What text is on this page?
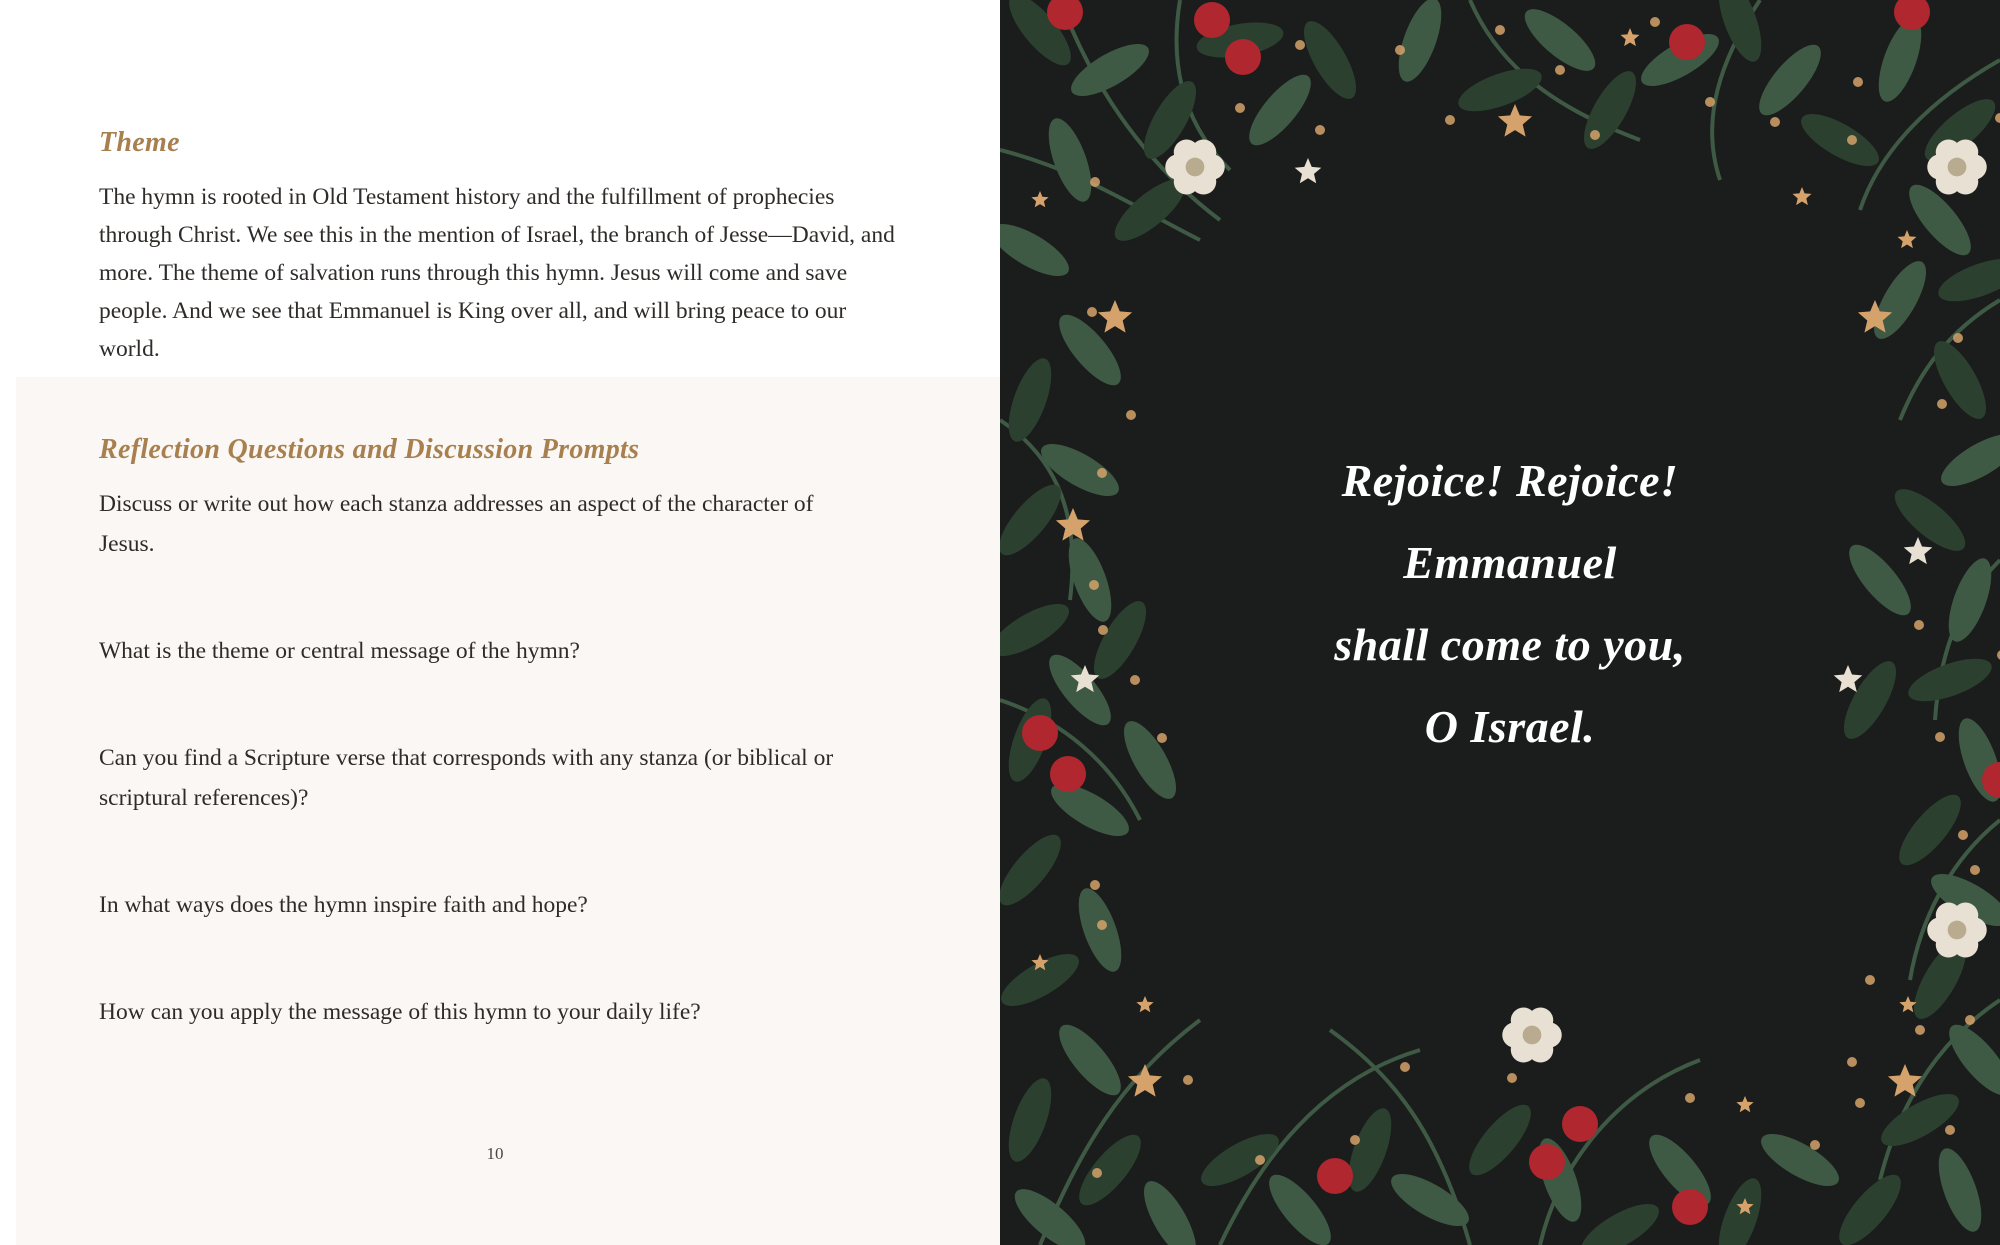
Theme

The hymn is rooted in Old Testament history and the fulfillment of prophecies through Christ. We see this in the mention of Israel, the branch of Jesse—David, and more. The theme of salvation runs through this hymn. Jesus will come and save people. And we see that Emmanuel is King over all, and will bring peace to our world.

Reflection Questions and Discussion Prompts

Discuss or write out how each stanza addresses an aspect of the character of Jesus.

What is the theme or central message of the hymn?

Can you find a Scripture verse that corresponds with any stanza (or biblical or scriptural references)?

In what ways does the hymn inspire faith and hope?

How can you apply the message of this hymn to your daily life?

10
Rejoice! Rejoice!
Emmanuel
shall come to you,
O Israel.
